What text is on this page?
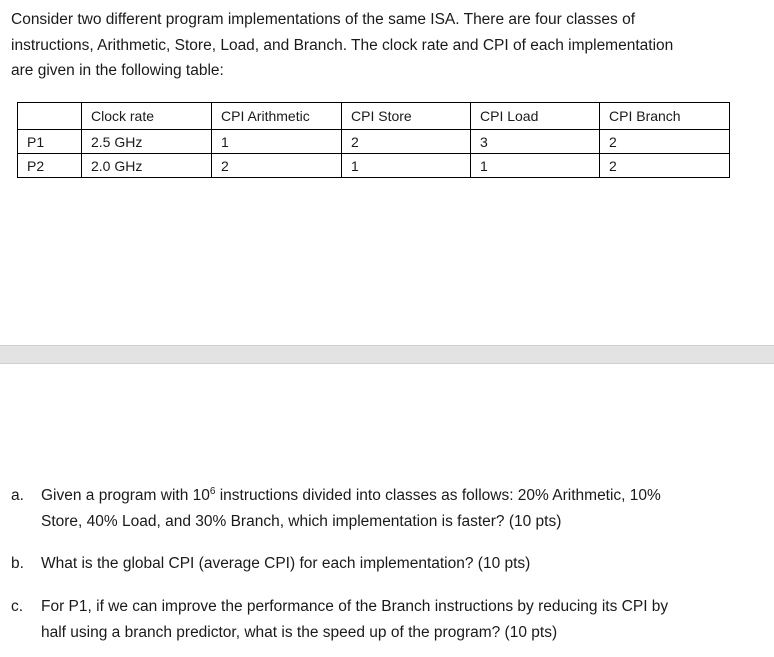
Consider two different program implementations of the same ISA. There are four classes of
instructions, Arithmetic, Store, Load, and Branch. The clock rate and CPI of each implementation
are given in the following table:
	Clock rate	CPI Arithmetic	CPI Store	CPI Load	CPI Branch
P1	2.5 GHz	1	2	3	2
P2	2.0 GHz	2	1	1	2
a. Given a program with $10^6$ instructions divided into classes as follows: 20% Arithmetic, 10%
Store, 40% Load, and 30% Branch, which implementation is faster? (10 pts)
b. What is the global CPI (average CPI) for each implementation? (10 pts)
c. For P1, if we can improve the performance of the Branch instructions by reducing its CPI by
half using a branch predictor, what is the speed up of the program? (10 pts)
